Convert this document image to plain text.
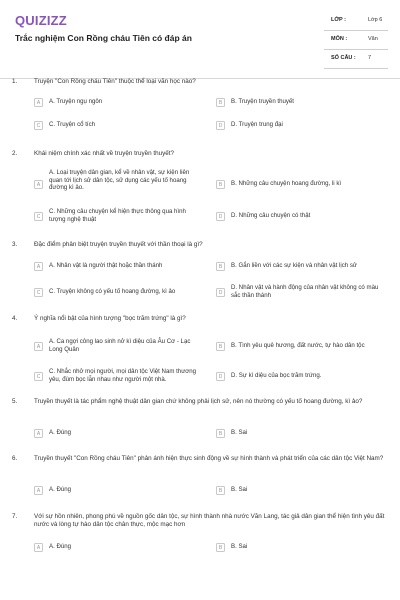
QUIZIZZ
Trắc nghiệm Con Rồng cháu Tiên có đáp án
LỚP :	Lớp 6
MÔN :	Văn
SỐ CÂU : 7
1.	Truyện "Con Rồng cháu Tiên" thuộc thể loại văn học nào?
A	A. Truyện ngụ ngôn	B	B. Truyện truyền thuyết
C	C. Truyện cổ tích	D	D. Truyện trung đại
2.	Khái niệm chính xác nhất về truyện truyền thuyết?
A
A. Loại truyện dân gian, kể về nhân vật, sự kiện liên quan tới lịch sử dân tộc, sử dụng các yếu tố hoang đường kì ảo.	B	B. Những câu chuyện hoang đường, li kì
C
C. Những câu chuyện kể hiện thực thông qua hình tượng nghệ thuật	D	D. Những câu chuyện có thật
3.	Đặc điểm phân biệt truyện truyền thuyết với thần thoại là gì?
A	A. Nhân vật là người thật hoặc thần thánh	B	B. Gắn liền với các sự kiện và nhân vật lịch sử
C	C. Truyện không có yếu tố hoang đường, kì ảo	D
D. Nhân vật và hành động của nhân vật không có màu sắc thần thánh
4.	Ý nghĩa nổi bật của hình tượng "bọc trăm trứng" là gì?
A
A. Ca ngợi công lao sinh nở kì diệu của Âu Cơ - Lạc Long Quân	B	B. Tình yêu quê hương, đất nước, tự hào dân tộc
C
C. Nhắc nhở mọi người, mọi dân tộc Việt Nam thương yêu, đùm bọc lẫn nhau như người một nhà.	D	D. Sự kì diệu của bọc trăm trứng.
5.	Truyền thuyết là tác phẩm nghệ thuật dân gian chứ không phải lịch sử, nên nó thường có yếu tố hoang đường, kì ảo?
A	A. Đúng	B	B. Sai
6.	Truyền thuyết "Con Rồng cháu Tiên" phản ánh hiện thực sinh động về sự hình thành và phát triển của các dân tộc Việt Nam?
A	A. Đúng	B	B. Sai
7.	Với sự hồn nhiên, phong phú về nguồn gốc dân tộc, sự hình thành nhà nước Văn Lang, tác giả dân gian thể hiện tình yêu đất nước và lòng tự hào dân tộc chân thực, mộc mạc hơn
A	A. Đúng	B	B. Sai
